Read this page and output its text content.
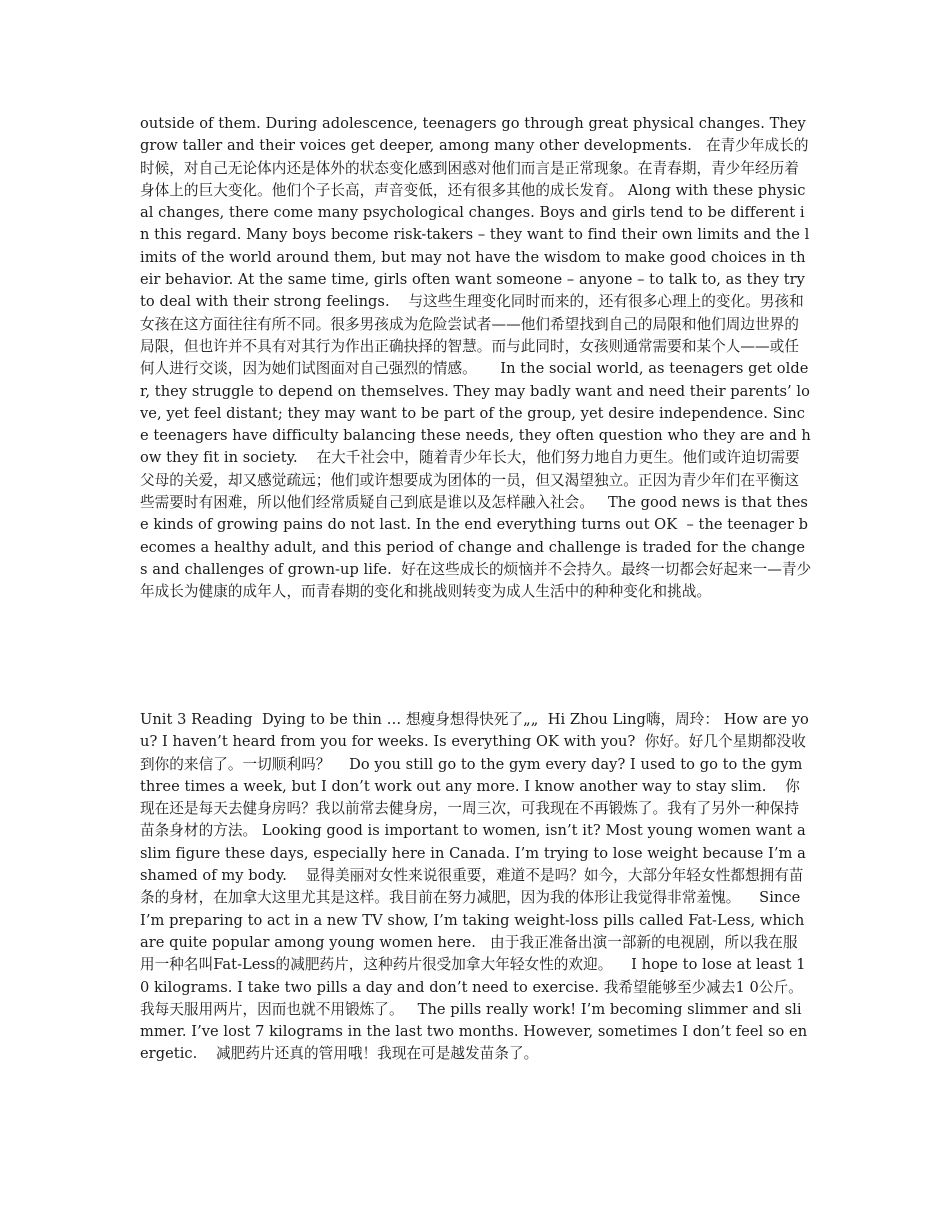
outside of them. During adolescence, teenagers go through great physical changes. They grow taller and their voices get deeper, among many other developments.   在青少年成长的时候，对自己无论体内还是体外的状态变化感到困惑对他们而言是正常现象。在青春期，青少年经历着身体上的巨大变化。他们个子长高，声音变低，还有很多其他的成长发育。 Along with these physical changes, there come many psychological changes. Boys and girls tend to be different in this regard. Many boys become risk-takers – they want to find their own limits and the limits of the world around them, but may not have the wisdom to make good choices in their behavior. At the same time, girls often want someone – anyone – to talk to, as they try to deal with their strong feelings.    与这些生理变化同时而来的，还有很多心理上的变化。男孩和女孩在这方面往往有所不同。很多男孩成为危险尝试者——他们希望找到自己的局限和他们周边世界的局限，但也许并不具有对其行为作出正确抉择的智慧。而与此同时，女孩则通常需要和某个人——或任何人进行交谈，因为她们试图面对自己强烈的情感。     In the social world, as teenagers get older, they struggle to depend on themselves. They may badly want and need their parents’ love, yet feel distant; they may want to be part of the group, yet desire independence. Since teenagers have difficulty balancing these needs, they often question who they are and how they fit in society.    在大千社会中，随着青少年长大，他们努力地自力更生。他们或许迫切需要父母的关爱，却又感觉疏远；他们或许想要成为团体的一员，但又渴望独立。正因为青少年们在平衡这些需要时有困难，所以他们经常质疑自己到底是谁以及怎样融入社会。   The good news is that these kinds of growing pains do not last. In the end everything turns out OK  – the teenager becomes a healthy adult, and this period of change and challenge is traded for the changes and challenges of grown-up life.  好在这些成长的烦恼并不会持久。最终一切都会好起来一—青少年成长为健康的成年人，而青春期的变化和挑战则转变为成人生活中的种种变化和挑战。
Unit 3 Reading  Dying to be thin … 想瘦身想得快死了„„  Hi Zhou Ling嗨，周玲： How are you? I haven’t heard from you for weeks. Is everything OK with you?  你好。好几个星期都没收到你的来信了。一切顺利吗？    Do you still go to the gym every day? I used to go to the gym three times a week, but I don’t work out any more. I know another way to stay slim.    你现在还是每天去健身房吗？我以前常去健身房，一周三次，可我现在不再锻炼了。我有了另外一种保持苗条身材的方法。 Looking good is important to women, isn’t it? Most young women want a slim figure these days, especially here in Canada. I’m trying to lose weight because I’m ashamed of my body.    显得美丽对女性来说很重要，难道不是吗？如今，大部分年轻女性都想拥有苗条的身材，在加拿大这里尤其是这样。我目前在努力减肥，因为我的体形让我觉得非常羞愧。    Since I’m preparing to act in a new TV show, I’m taking weight-loss pills called Fat-Less, which are quite popular among young women here.   由于我正准备出演一部新的电视剧，所以我在服用一种名叫Fat-Less的减肥药片，这种药片很受加拿大年轻女性的欢迎。    I hope to lose at least 10 kilograms. I take two pills a day and don’t need to exercise. 我希望能够至少减去1 0公斤。我每天服用两片，因而也就不用锻炼了。   The pills really work! I’m becoming slimmer and slimmer. I’ve lost 7 kilograms in the last two months. However, sometimes I don’t feel so energetic.    减肥药片还真的管用哦！我现在可是越发苗条了。
